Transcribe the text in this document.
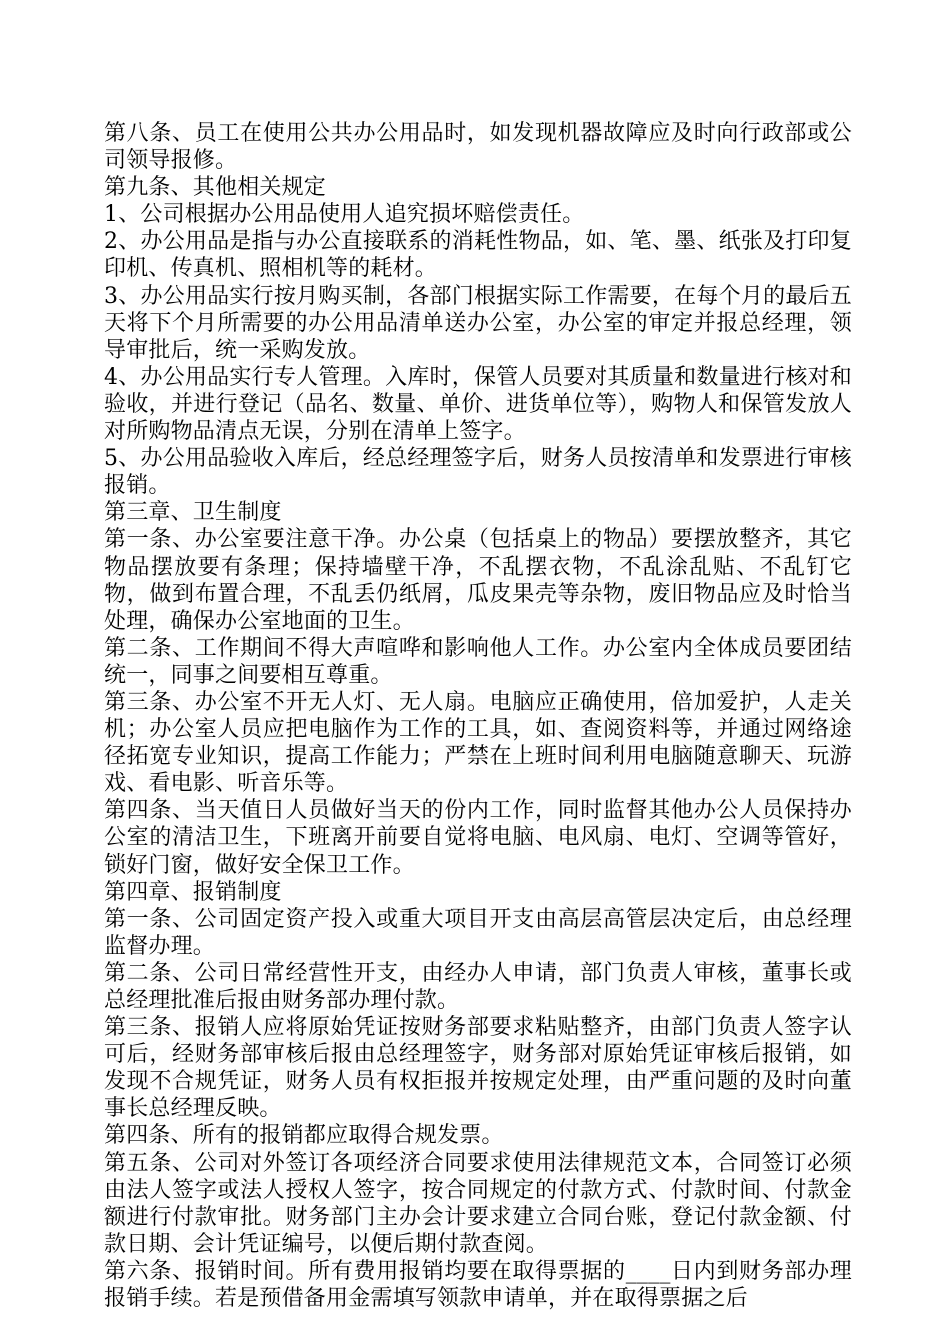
第八条、员工在使用公共办公用品时，如发现机器故障应及时向行政部或公司领导报修。

第九条、其他相关规定

1、公司根据办公用品使用人追究损坏赔偿责任。

2、办公用品是指与办公直接联系的消耗性物品，如、笔、墨、纸张及打印复印机、传真机、照相机等的耗材。

3、办公用品实行按月购买制，各部门根据实际工作需要，在每个月的最后五天将下个月所需要的办公用品清单送办公室，办公室的审定并报总经理，领导审批后，统一采购发放。

4、办公用品实行专人管理。入库时，保管人员要对其质量和数量进行核对和验收，并进行登记（品名、数量、单价、进货单位等），购物人和保管发放人对所购物品清点无误，分别在清单上签字。

5、办公用品验收入库后，经总经理签字后，财务人员按清单和发票进行审核报销。

第三章、卫生制度

第一条、办公室要注意干净。办公桌（包括桌上的物品）要摆放整齐，其它物品摆放要有条理；保持墙壁干净，不乱摆衣物，不乱涂乱贴、不乱钉它物，做到布置合理，不乱丢仍纸屑，瓜皮果壳等杂物，废旧物品应及时恰当处理，确保办公室地面的卫生。

第二条、工作期间不得大声喧哗和影响他人工作。办公室内全体成员要团结统一，同事之间要相互尊重。

第三条、办公室不开无人灯、无人扇。电脑应正确使用，倍加爱护，人走关机；办公室人员应把电脑作为工作的工具，如、查阅资料等，并通过网络途径拓宽专业知识，提高工作能力；严禁在上班时间利用电脑随意聊天、玩游戏、看电影、听音乐等。

第四条、当天值日人员做好当天的份内工作，同时监督其他办公人员保持办公室的清洁卫生，下班离开前要自觉将电脑、电风扇、电灯、空调等管好，锁好门窗，做好安全保卫工作。

第四章、报销制度

第一条、公司固定资产投入或重大项目开支由高层高管层决定后，由总经理监督办理。

第二条、公司日常经营性开支，由经办人申请，部门负责人审核，董事长或总经理批准后报由财务部办理付款。

第三条、报销人应将原始凭证按财务部要求粘贴整齐，由部门负责人签字认可后，经财务部审核后报由总经理签字，财务部对原始凭证审核后报销，如发现不合规凭证，财务人员有权拒报并按规定处理，由严重问题的及时向董事长总经理反映。

第四条、所有的报销都应取得合规发票。

第五条、公司对外签订各项经济合同要求使用法律规范文本，合同签订必须由法人签字或法人授权人签字，按合同规定的付款方式、付款时间、付款金额进行付款审批。财务部门主办会计要求建立合同台账，登记付款金额、付款日期、会计凭证编号，以便后期付款查阅。

第六条、报销时间。所有费用报销均要在取得票据的____日内到财务部办理报销手续。若是预借备用金需填写领款申请单，并在取得票据之后
